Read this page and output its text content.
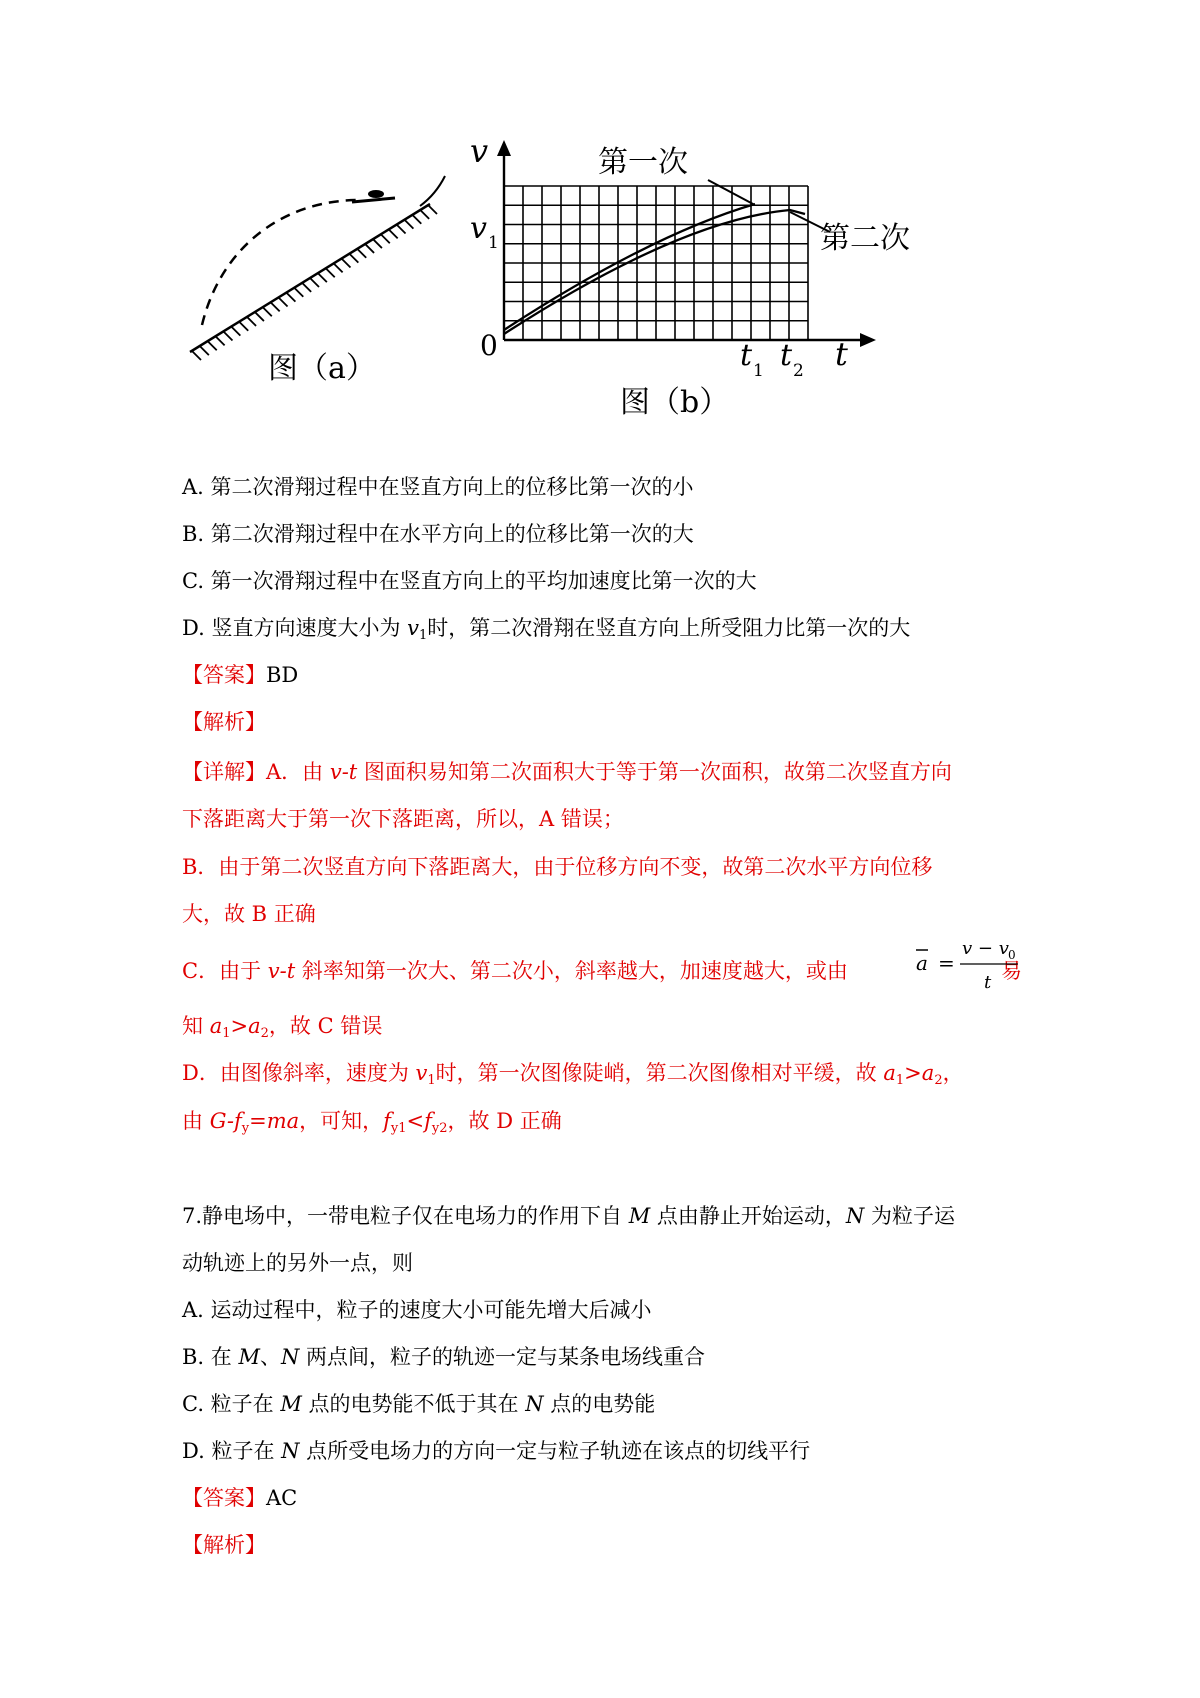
图（a）
v
v 1
0	t 1 t 2 t
第一次
第二次
图（b）
A. 第二次滑翔过程中在竖直方向上的位移比第一次的小
B. 第二次滑翔过程中在水平方向上的位移比第一次的大
C. 第一次滑翔过程中在竖直方向上的平均加速度比第一次的大
D. 竖直方向速度大小为 $v_1$时，第二次滑翔在竖直方向上所受阻力比第一次的大
【答案】BD
【解析】
【详解】A．由 v-t 图面积易知第二次面积大于等于第一次面积，故第二次竖直方向
下落距离大于第一次下落距离，所以，A 错误；
B．由于第二次竖直方向下落距离大，由于位移方向不变，故第二次水平方向位移
大，故 B 正确
C．由于 v-t 斜率知第一次大、第二次小，斜率越大，加速度越大，或由	易
a =
v − v 0
t
知 $a_1>a_2$，故 C 错误
D．由图像斜率，速度为 $v_1$时，第一次图像陡峭，第二次图像相对平缓，故 $a_1>a_2$，
由 $G-f_y=ma$，可知，$f_{y1}<f_{y2}$，故 D 正确
7.静电场中，一带电粒子仅在电场力的作用下自 M 点由静止开始运动，N 为粒子运
动轨迹上的另外一点，则
A. 运动过程中，粒子的速度大小可能先增大后减小
B. 在 M、N 两点间，粒子的轨迹一定与某条电场线重合
C. 粒子在 M 点的电势能不低于其在 N 点的电势能
D. 粒子在 N 点所受电场力的方向一定与粒子轨迹在该点的切线平行
【答案】AC
【解析】
